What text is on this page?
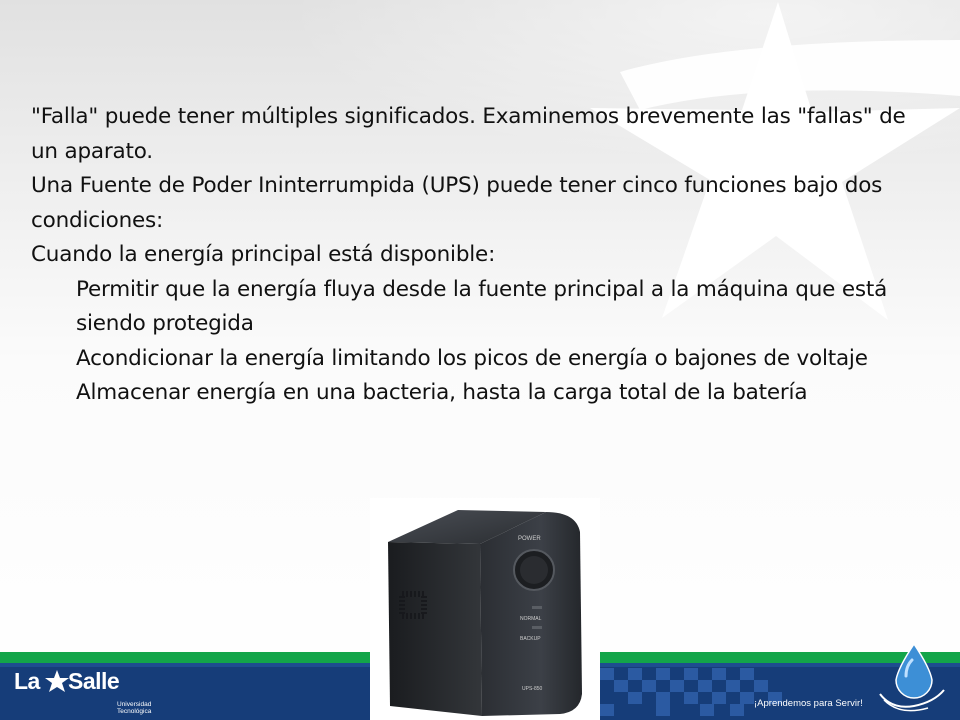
"Falla" puede tener múltiples significados. Examinemos brevemente las "fallas" de un aparato.

Una Fuente de Poder Ininterrumpida (UPS) puede tener cinco funciones bajo dos condiciones:

Cuando la energía principal está disponible:

Permitir que la energía fluya desde la fuente principal a la máquina que está siendo protegida

Acondicionar la energía limitando los picos de energía o bajones de voltaje

Almacenar energía en una bacteria, hasta la carga total de la batería

POWER
NORMAL
BACKUP
UPS-850
La Salle
Universidad
Tecnológica
¡Aprendemos para Servir!
